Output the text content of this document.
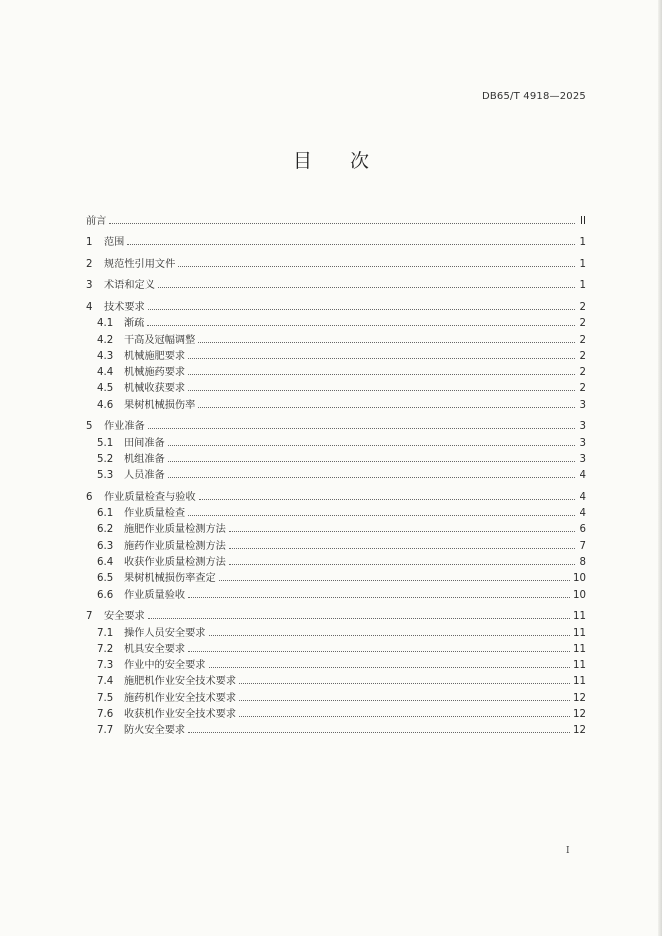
DB65/T 4918—2025
目 次
前言	II
1	范围	1
2	规范性引用文件	1
3	术语和定义	1
4	技术要求	2
4.1	渐疏	2
4.2	干高及冠幅调整	2
4.3	机械施肥要求	2
4.4	机械施药要求	2
4.5	机械收获要求	2
4.6	果树机械损伤率	3
5	作业准备	3
5.1	田间准备	3
5.2	机组准备	3
5.3	人员准备	4
6	作业质量检查与验收	4
6.1	作业质量检查	4
6.2	施肥作业质量检测方法	6
6.3	施药作业质量检测方法	7
6.4	收获作业质量检测方法	8
6.5	果树机械损伤率查定	10
6.6	作业质量验收	10
7	安全要求	11
7.1	操作人员安全要求	11
7.2	机具安全要求	11
7.3	作业中的安全要求	11
7.4	施肥机作业安全技术要求	11
7.5	施药机作业安全技术要求	12
7.6	收获机作业安全技术要求	12
7.7	防火安全要求	12
I
